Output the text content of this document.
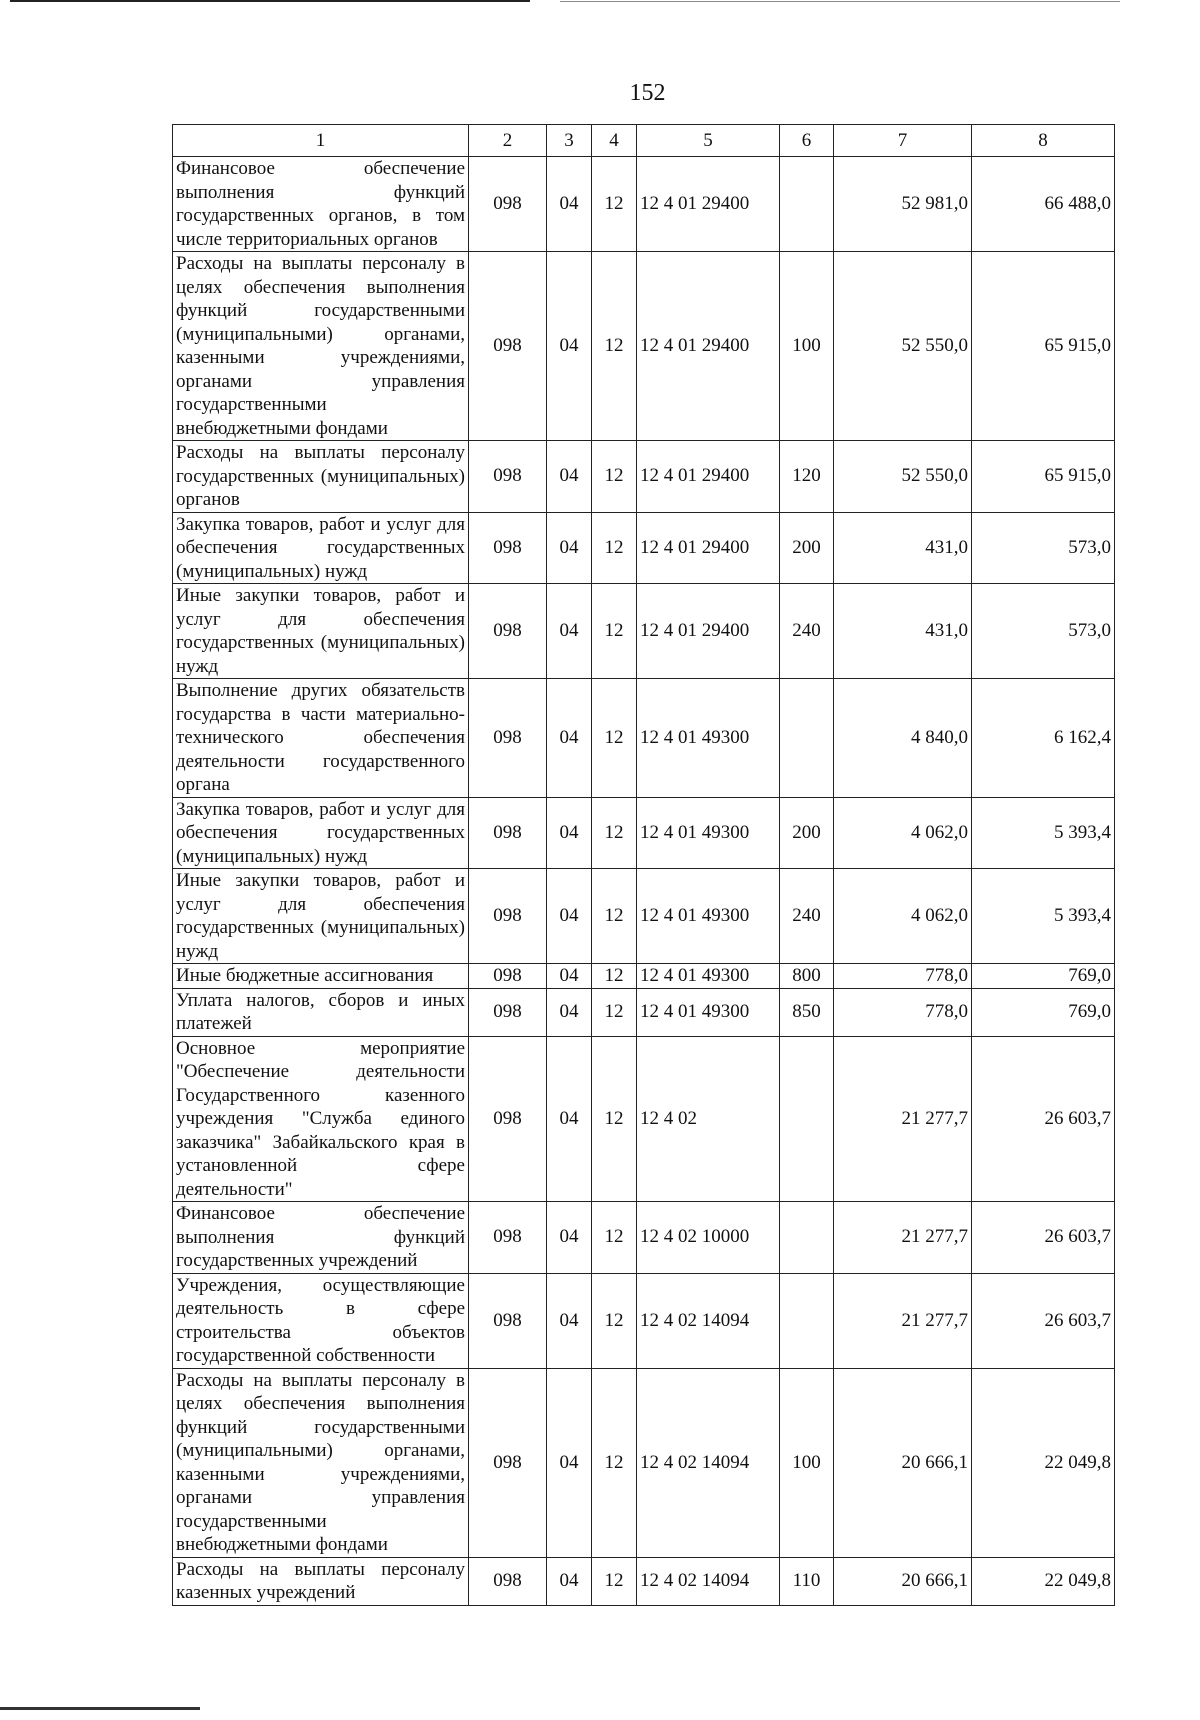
152
1	2	3	4	5	6	7	8
Финансовое обеспечение выполнения функций государственных органов, в том числе территориальных органов	098	04	12	12 4 01 29400		52 981,0	66 488,0
Расходы на выплаты персоналу в целях обеспечения выполнения функций государственными (муниципальными) органами, казенными учреждениями, органами управления государственными внебюджетными фондами	098	04	12	12 4 01 29400	100	52 550,0	65 915,0
Расходы на выплаты персоналу государственных (муниципальных) органов	098	04	12	12 4 01 29400	120	52 550,0	65 915,0
Закупка товаров, работ и услуг для обеспечения государственных (муниципальных) нужд	098	04	12	12 4 01 29400	200	431,0	573,0
Иные закупки товаров, работ и услуг для обеспечения государственных (муниципальных) нужд	098	04	12	12 4 01 29400	240	431,0	573,0
Выполнение других обязательств государства в части материально-технического обеспечения деятельности государственного органа	098	04	12	12 4 01 49300		4 840,0	6 162,4
Закупка товаров, работ и услуг для обеспечения государственных (муниципальных) нужд	098	04	12	12 4 01 49300	200	4 062,0	5 393,4
Иные закупки товаров, работ и услуг для обеспечения государственных (муниципальных) нужд	098	04	12	12 4 01 49300	240	4 062,0	5 393,4
Иные бюджетные ассигнования	098	04	12	12 4 01 49300	800	778,0	769,0
Уплата налогов, сборов и иных платежей	098	04	12	12 4 01 49300	850	778,0	769,0
Основное мероприятие "Обеспечение деятельности Государственного казенного учреждения "Служба единого заказчика" Забайкальского края в установленной сфере деятельности"	098	04	12	12 4 02		21 277,7	26 603,7
Финансовое обеспечение выполнения функций государственных учреждений	098	04	12	12 4 02 10000		21 277,7	26 603,7
Учреждения, осуществляющие деятельность в сфере строительства объектов государственной собственности	098	04	12	12 4 02 14094		21 277,7	26 603,7
Расходы на выплаты персоналу в целях обеспечения выполнения функций государственными (муниципальными) органами, казенными учреждениями, органами управления государственными внебюджетными фондами	098	04	12	12 4 02 14094	100	20 666,1	22 049,8
Расходы на выплаты персоналу казенных учреждений	098	04	12	12 4 02 14094	110	20 666,1	22 049,8
